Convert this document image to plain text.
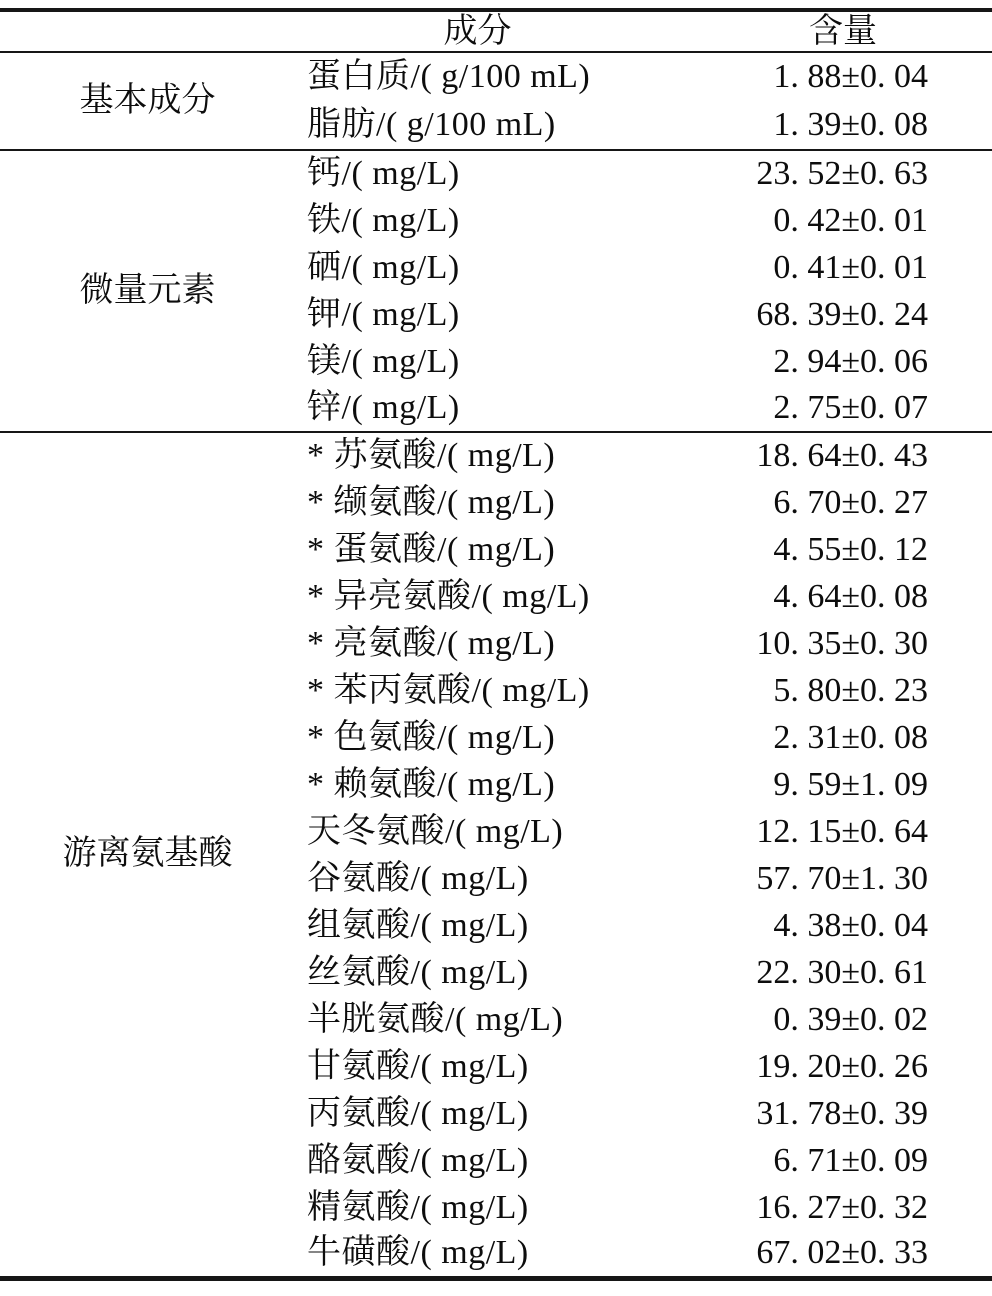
	成分	含量
基本成分	蛋白质/( g/100 mL)	1. 88±0. 04
	脂肪/( g/100 mL)	1. 39±0. 08
微量元素	钙/( mg/L)	23. 52±0. 63
	铁/( mg/L)	0. 42±0. 01
	硒/( mg/L)	0. 41±0. 01
	钾/( mg/L)	68. 39±0. 24
	镁/( mg/L)	2. 94±0. 06
	锌/( mg/L)	2. 75±0. 07
游离氨基酸	* 苏氨酸/( mg/L)	18. 64±0. 43
	* 缬氨酸/( mg/L)	6. 70±0. 27
	* 蛋氨酸/( mg/L)	4. 55±0. 12
	* 异亮氨酸/( mg/L)	4. 64±0. 08
	* 亮氨酸/( mg/L)	10. 35±0. 30
	* 苯丙氨酸/( mg/L)	5. 80±0. 23
	* 色氨酸/( mg/L)	2. 31±0. 08
	* 赖氨酸/( mg/L)	9. 59±1. 09
	天冬氨酸/( mg/L)	12. 15±0. 64
	谷氨酸/( mg/L)	57. 70±1. 30
	组氨酸/( mg/L)	4. 38±0. 04
	丝氨酸/( mg/L)	22. 30±0. 61
	半胱氨酸/( mg/L)	0. 39±0. 02
	甘氨酸/( mg/L)	19. 20±0. 26
	丙氨酸/( mg/L)	31. 78±0. 39
	酪氨酸/( mg/L)	6. 71±0. 09
	精氨酸/( mg/L)	16. 27±0. 32
	牛磺酸/( mg/L)	67. 02±0. 33
